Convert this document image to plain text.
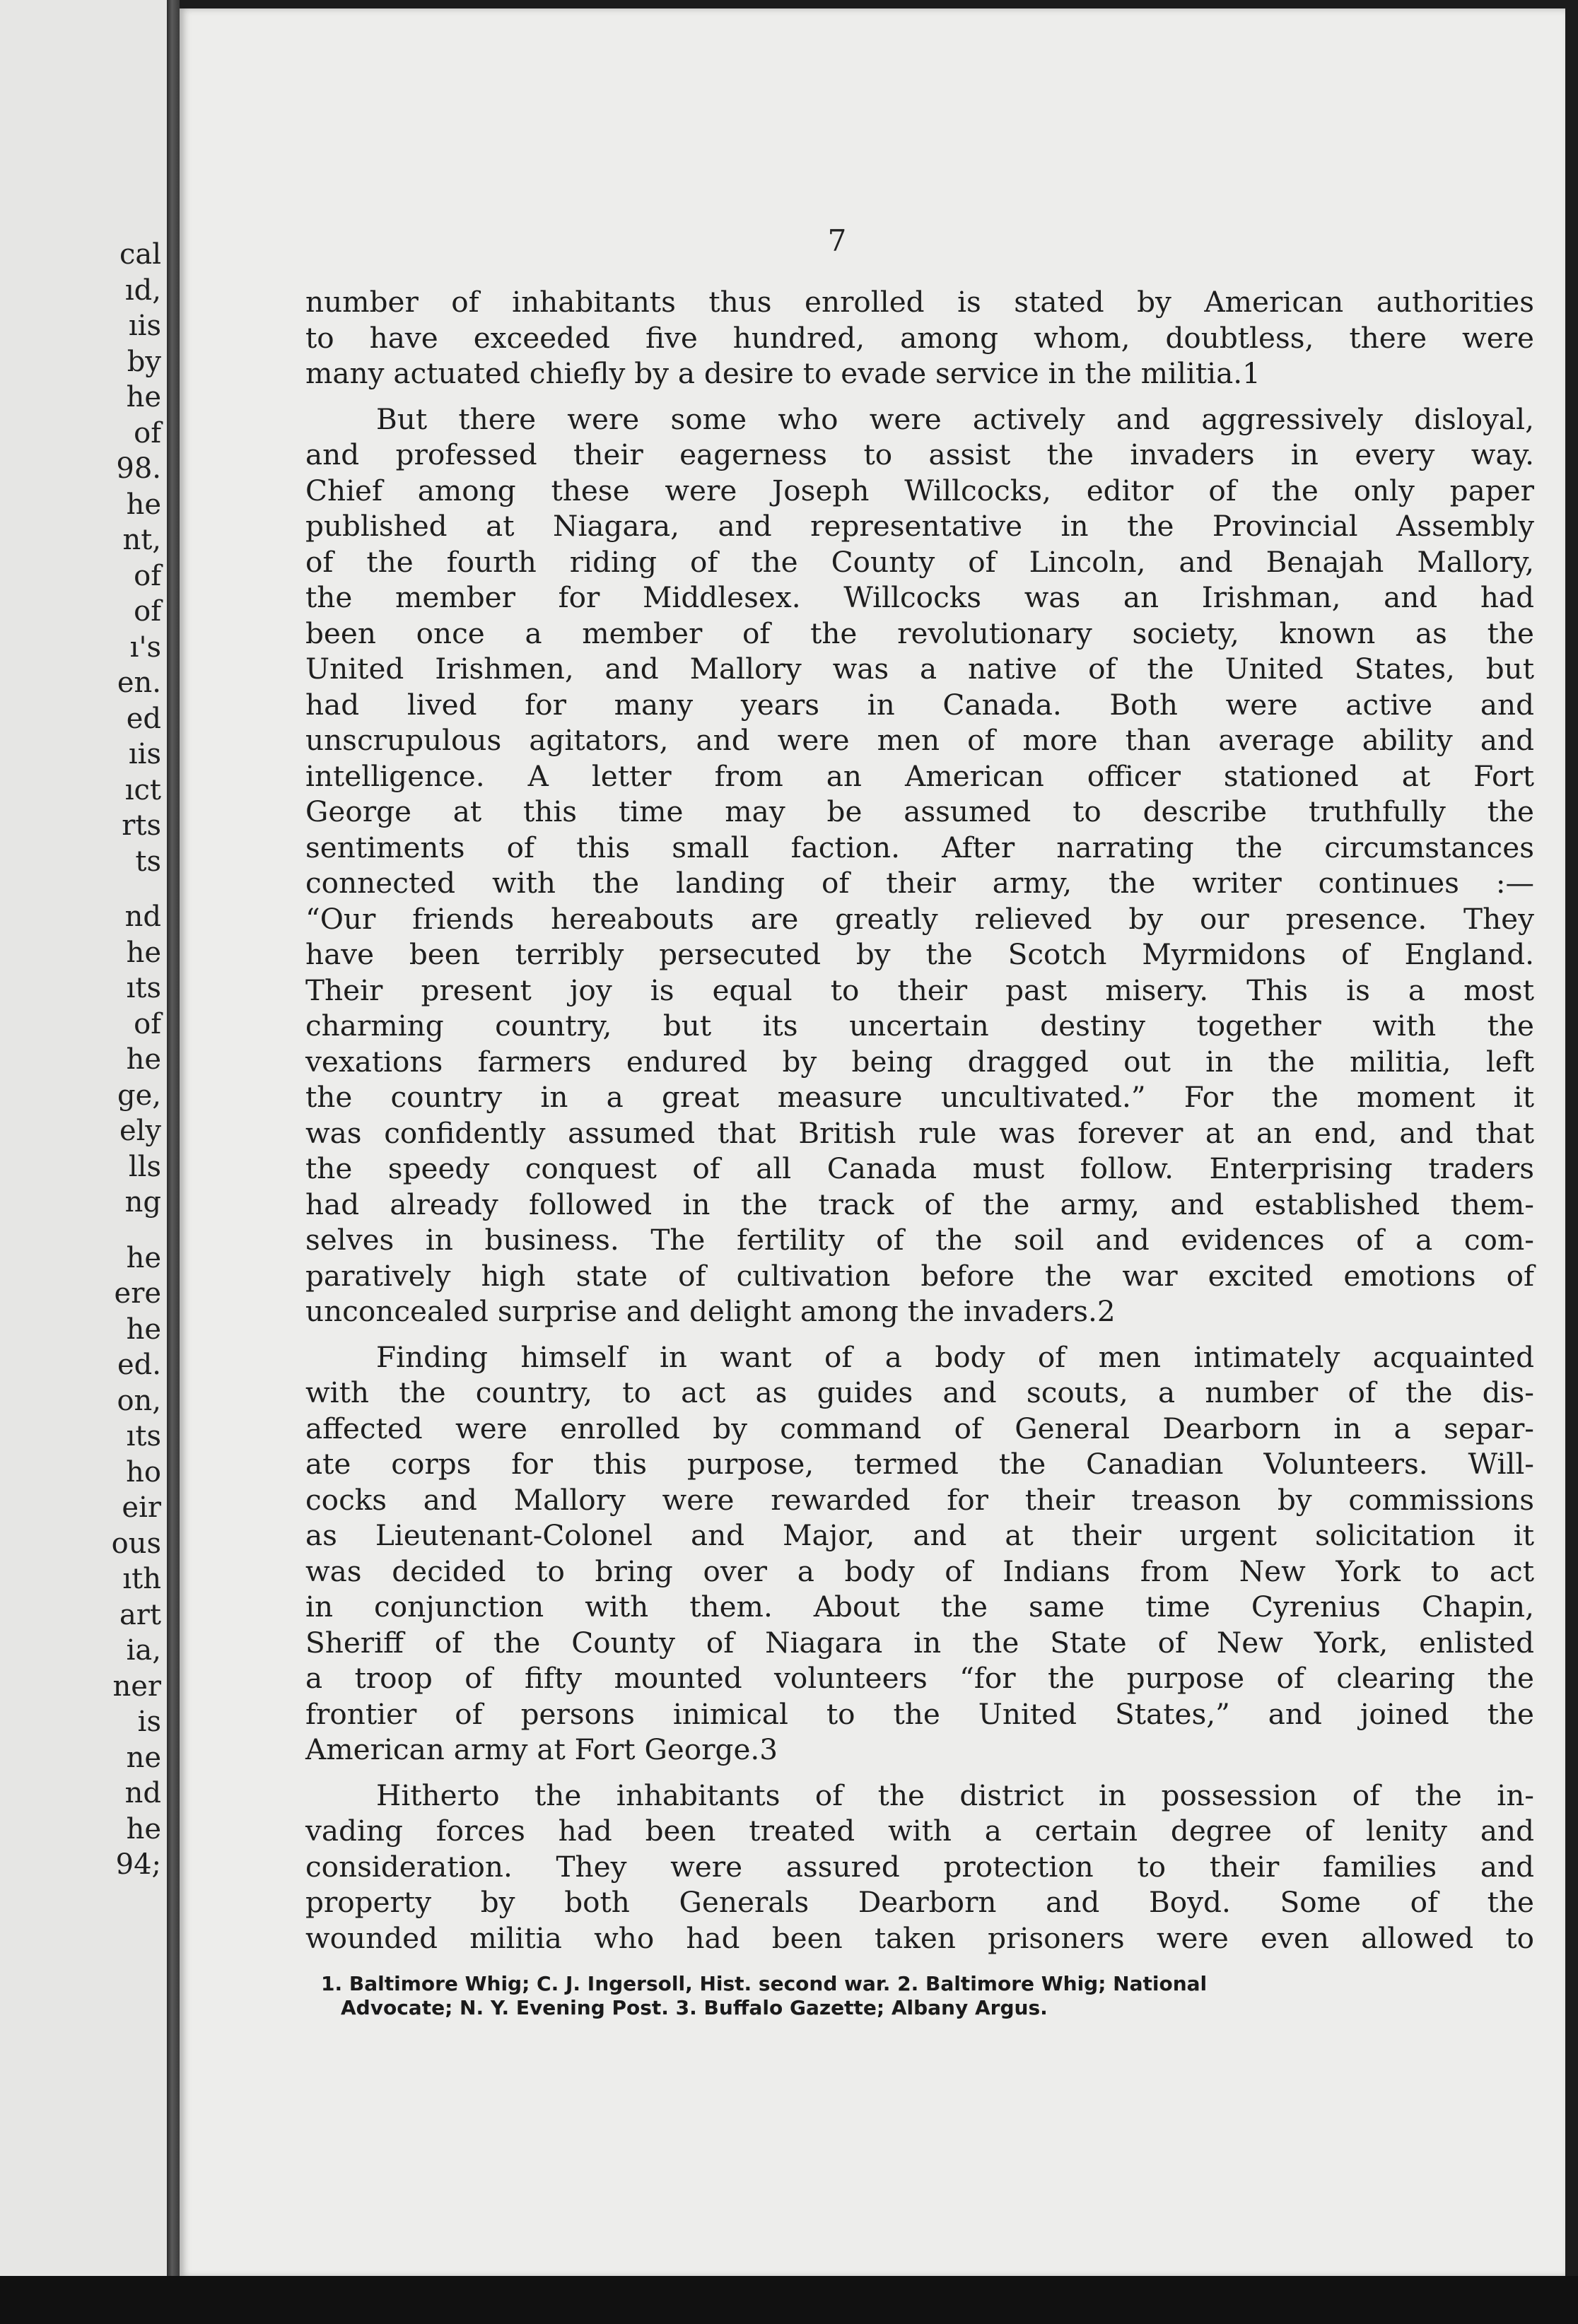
cal
ıd,
ıis
by
he
of
98.
he
nt,
of
of
ı's
en.
ed
ıis
ıct
rts
ts
nd
he
ıts
of
he
ge,
ely
lls
ng
he
ere
he
ed.
on,
ıts
ho
eir
ous
ıth
art
ia,
ner
is
ne
nd
he
94;
7
number of inhabitants thus enrolled is stated by American authorities
to have exceeded five hundred, among whom, doubtless, there were
many actuated chiefly by a desire to evade service in the militia.1
But there were some who were actively and aggressively disloyal,
and professed their eagerness to assist the invaders in every way.
Chief among these were Joseph Willcocks, editor of the only paper
published at Niagara, and representative in the Provincial Assembly
of the fourth riding of the County of Lincoln, and Benajah Mallory,
the member for Middlesex. Willcocks was an Irishman, and had
been once a member of the revolutionary society, known as the
United Irishmen, and Mallory was a native of the United States, but
had lived for many years in Canada. Both were active and
unscrupulous agitators, and were men of more than average ability and
intelligence. A letter from an American officer stationed at Fort
George at this time may be assumed to describe truthfully the
sentiments of this small faction. After narrating the circumstances
connected with the landing of their army, the writer continues :—
“Our friends hereabouts are greatly relieved by our presence. They
have been terribly persecuted by the Scotch Myrmidons of England.
Their present joy is equal to their past misery. This is a most
charming country, but its uncertain destiny together with the
vexations farmers endured by being dragged out in the militia, left
the country in a great measure uncultivated.” For the moment it
was confidently assumed that British rule was forever at an end, and that
the speedy conquest of all Canada must follow. Enterprising traders
had already followed in the track of the army, and established them-
selves in business. The fertility of the soil and evidences of a com-
paratively high state of cultivation before the war excited emotions of
unconcealed surprise and delight among the invaders.2
Finding himself in want of a body of men intimately acquainted
with the country, to act as guides and scouts, a number of the dis-
affected were enrolled by command of General Dearborn in a separ-
ate corps for this purpose, termed the Canadian Volunteers. Will-
cocks and Mallory were rewarded for their treason by commissions
as Lieutenant-Colonel and Major, and at their urgent solicitation it
was decided to bring over a body of Indians from New York to act
in conjunction with them. About the same time Cyrenius Chapin,
Sheriff of the County of Niagara in the State of New York, enlisted
a troop of fifty mounted volunteers “for the purpose of clearing the
frontier of persons inimical to the United States,” and joined the
American army at Fort George.3
Hitherto the inhabitants of the district in possession of the in-
vading forces had been treated with a certain degree of lenity and
consideration. They were assured protection to their families and
property by both Generals Dearborn and Boyd. Some of the
wounded militia who had been taken prisoners were even allowed to
1. Baltimore Whig; C. J. Ingersoll, Hist. second war. 2. Baltimore Whig; National
Advocate; N. Y. Evening Post. 3. Buffalo Gazette; Albany Argus.
